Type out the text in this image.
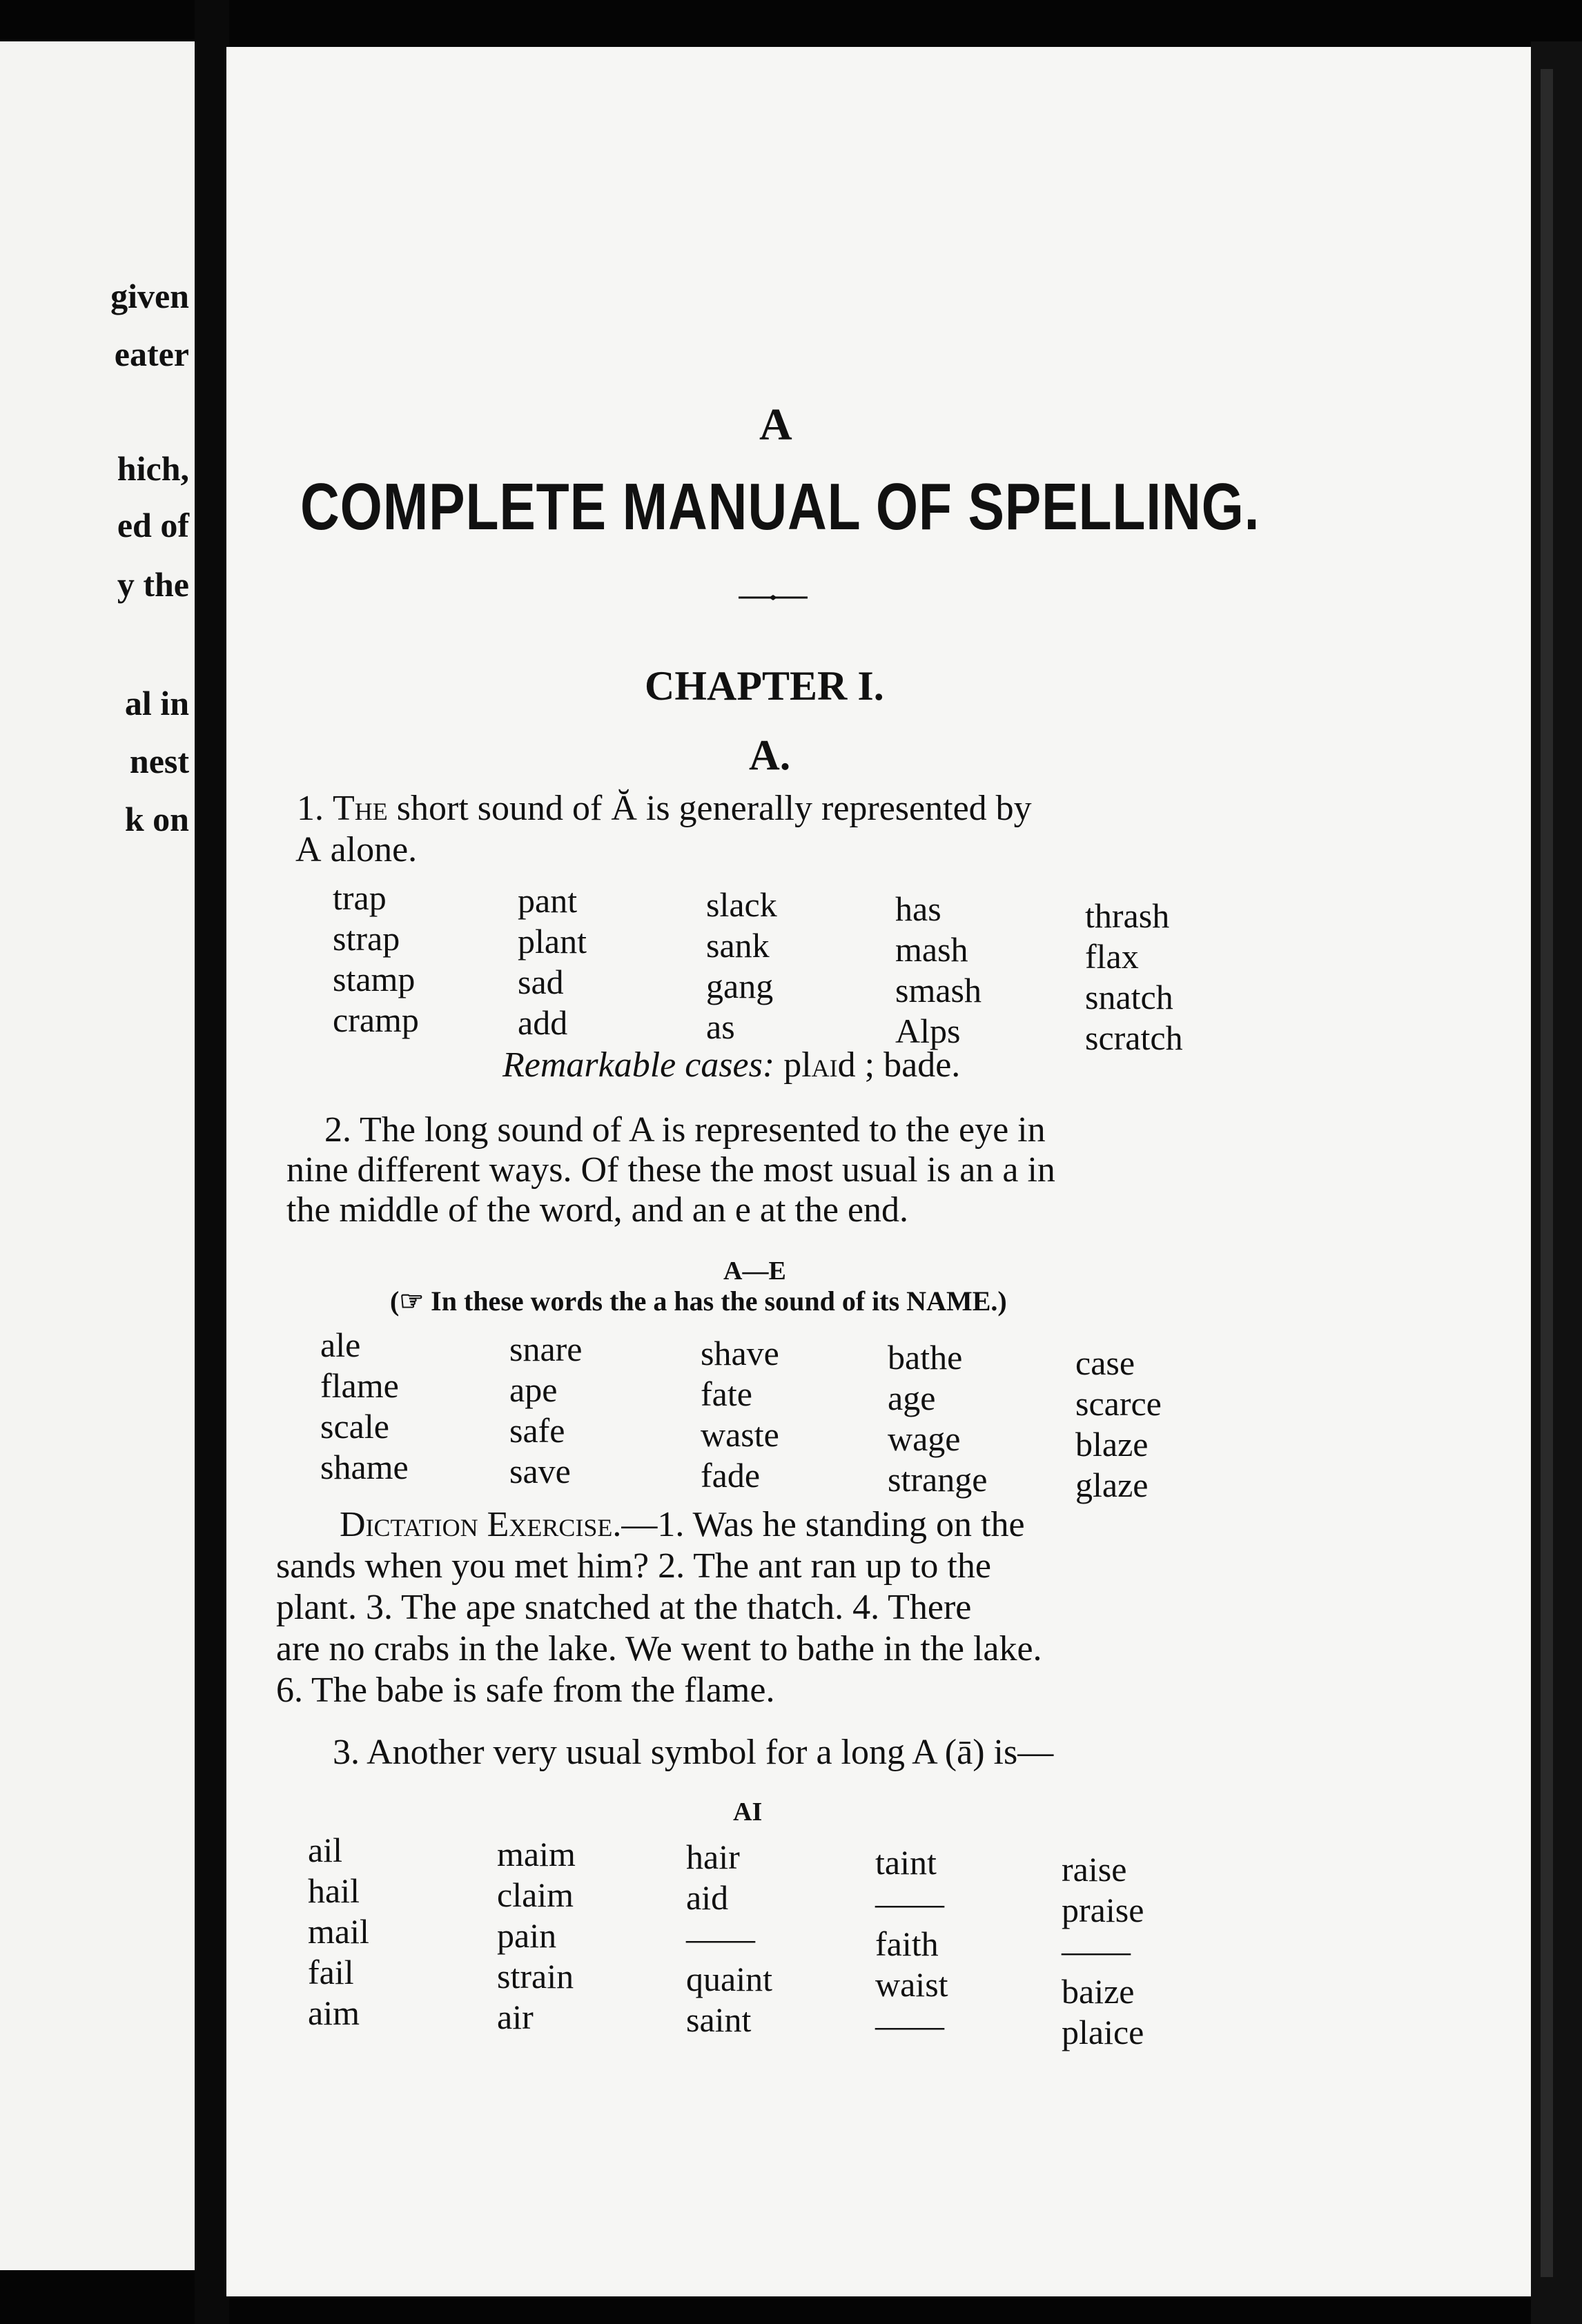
given
eater
hich,
ed of
y the
al in
nest
k on
A
COMPLETE MANUAL OF SPELLING.
CHAPTER I.
A.
1. The short sound of Ă is generally represented by
A alone.
trap
strap
stamp
cramp
pant
plant
sad
add
slack
sank
gang
as
has
mash
smash
Alps
thrash
flax
snatch
scratch
Remarkable cases: plaid ; bade.
2. The long sound of A is represented to the eye in
nine different ways. Of these the most usual is an a in
the middle of the word, and an e at the end.
A—E
(☞ In these words the a has the sound of its NAME.)
ale
flame
scale
shame
snare
ape
safe
save
shave
fate
waste
fade
bathe
age
wage
strange
case
scarce
blaze
glaze
Dictation Exercise.—1. Was he standing on the
sands when you met him? 2. The ant ran up to the
plant. 3. The ape snatched at the thatch. 4. There
are no crabs in the lake. We went to bathe in the lake.
6. The babe is safe from the flame.
3. Another very usual symbol for a long A (ā) is—
AI
ail
hail
mail
fail
aim
maim
claim
pain
strain
air
hair
aid
——
quaint
saint
taint
——
faith
waist
——
raise
praise
——
baize
plaice
